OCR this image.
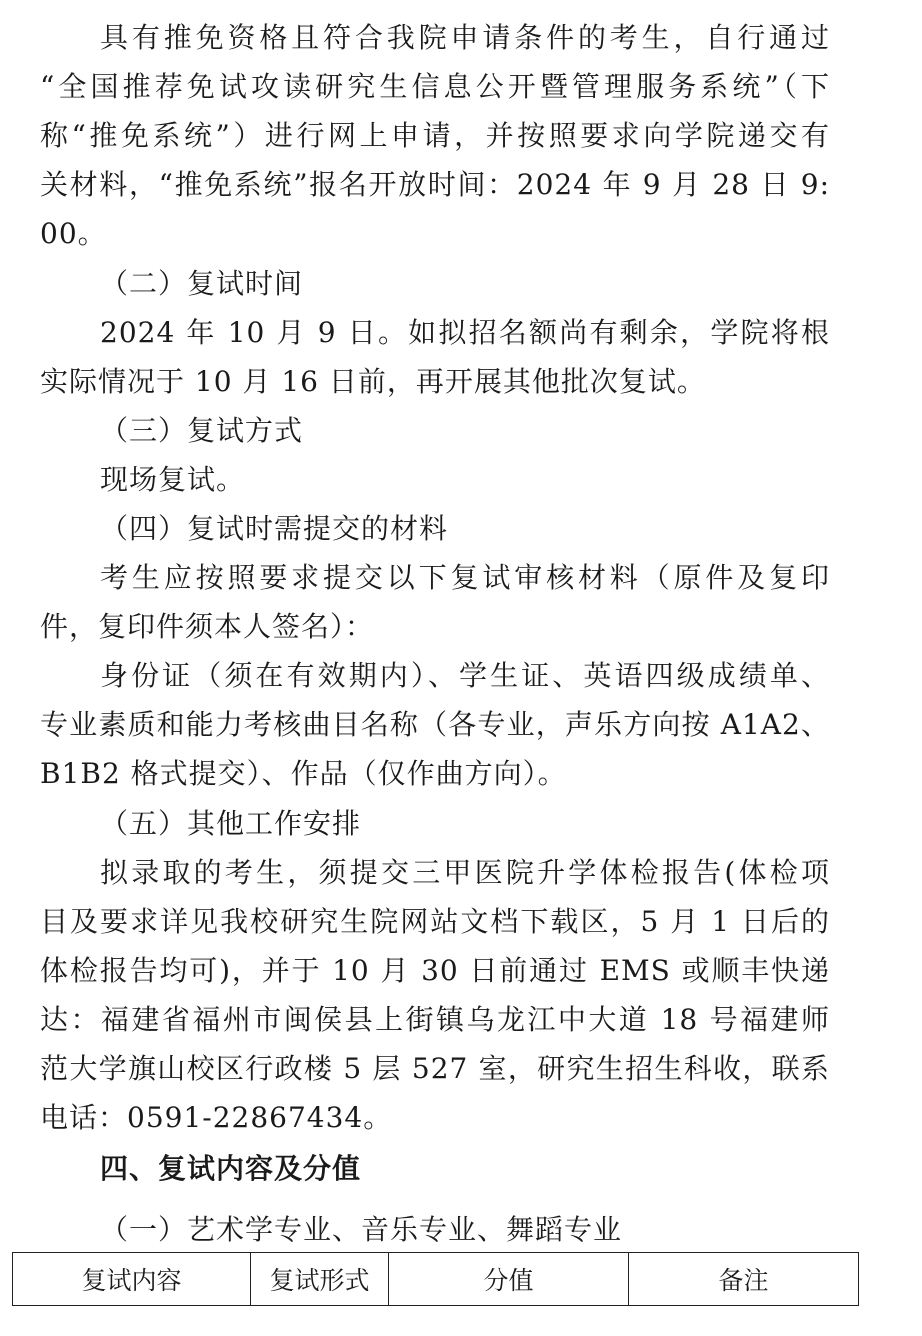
具有推免资格且符合我院申请条件的考生，自行通过
“全国推荐免试攻读研究生信息公开暨管理服务系统”（下
称“推免系统”）进行网上申请，并按照要求向学院递交有
关材料，“推免系统”报名开放时间：2024 年 9 月 28 日 9:
00。
（二）复试时间
2024 年 10 月 9 日。如拟招名额尚有剩余，学院将根
实际情况于 10 月 16 日前，再开展其他批次复试。
（三）复试方式
现场复试。
（四）复试时需提交的材料
考生应按照要求提交以下复试审核材料（原件及复印
件，复印件须本人签名）：
身份证（须在有效期内）、学生证、英语四级成绩单、
专业素质和能力考核曲目名称（各专业，声乐方向按 A1A2、
B1B2 格式提交）、作品（仅作曲方向）。
（五）其他工作安排
拟录取的考生，须提交三甲医院升学体检报告(体检项
目及要求详见我校研究生院网站文档下载区，5 月 1 日后的
体检报告均可)，并于 10 月 30 日前通过 EMS 或顺丰快递
达：福建省福州市闽侯县上街镇乌龙江中大道 18 号福建师
范大学旗山校区行政楼 5 层 527 室，研究生招生科收，联系
电话：0591-22867434。
四、复试内容及分值
（一）艺术学专业、音乐专业、舞蹈专业
复试内容	复试形式	分值	备注
